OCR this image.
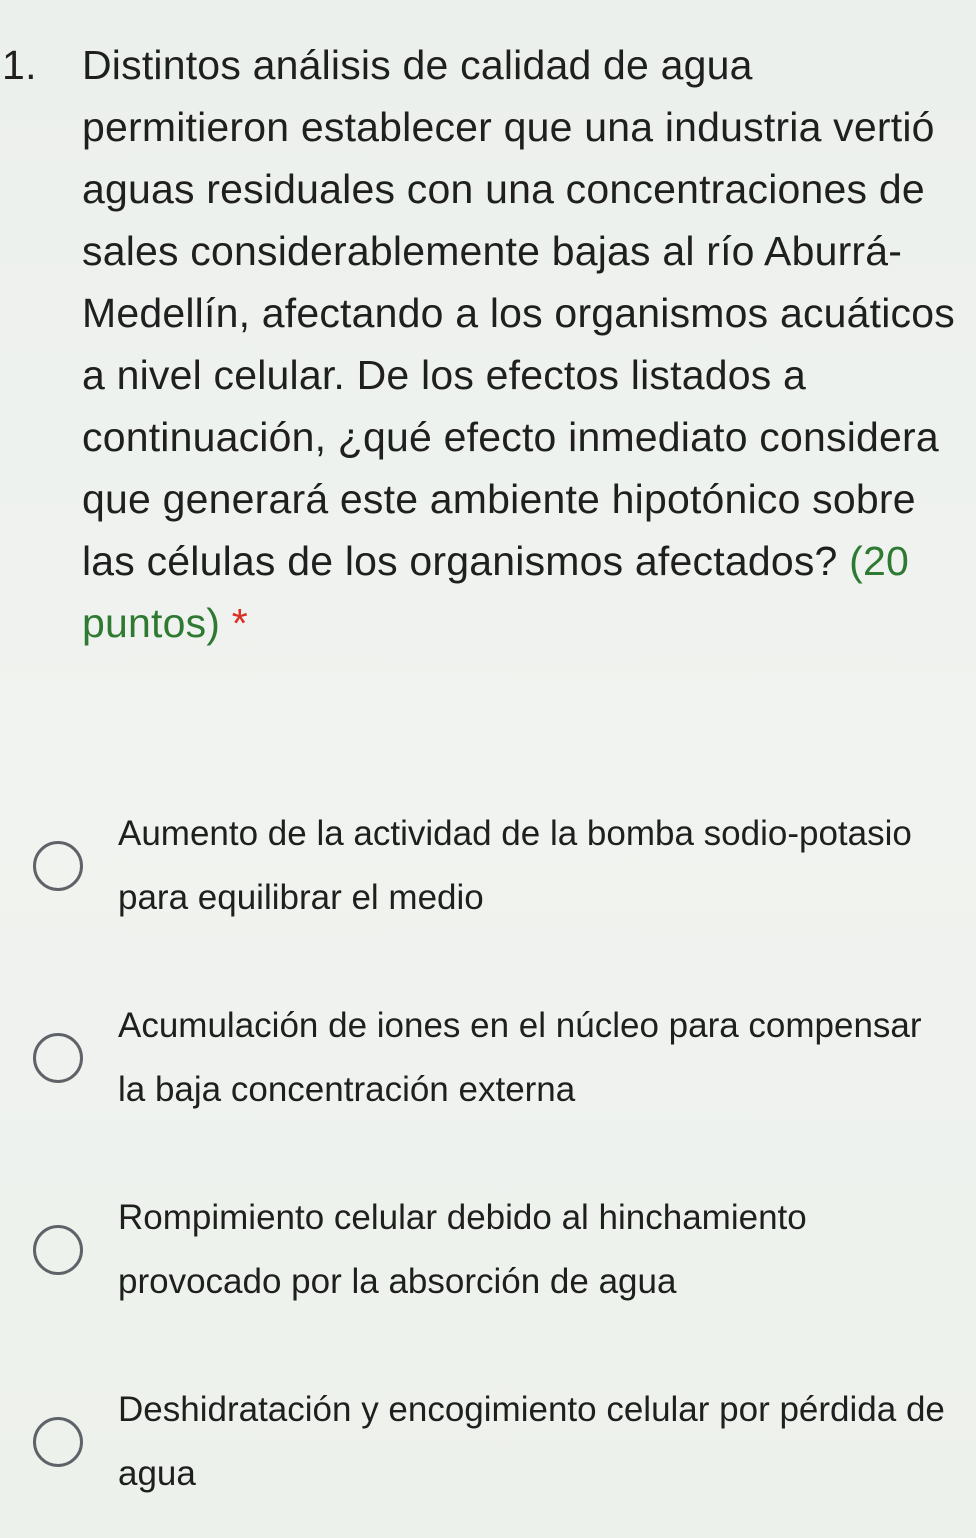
1.	Distintos análisis de calidad de agua permitieron establecer que una industria vertió aguas residuales con una concentraciones de sales considerablemente bajas al río Aburrá-Medellín, afectando a los organismos acuáticos a nivel celular. De los efectos listados a continuación, ¿qué efecto inmediato considera que generará este ambiente hipotónico sobre las células de los organismos afectados? (20 puntos) *
Aumento de la actividad de la bomba sodio-potasio para equilibrar el medio
Acumulación de iones en el núcleo para compensar la baja concentración externa
Rompimiento celular debido al hinchamiento provocado por la absorción de agua
Deshidratación y encogimiento celular por pérdida de agua
